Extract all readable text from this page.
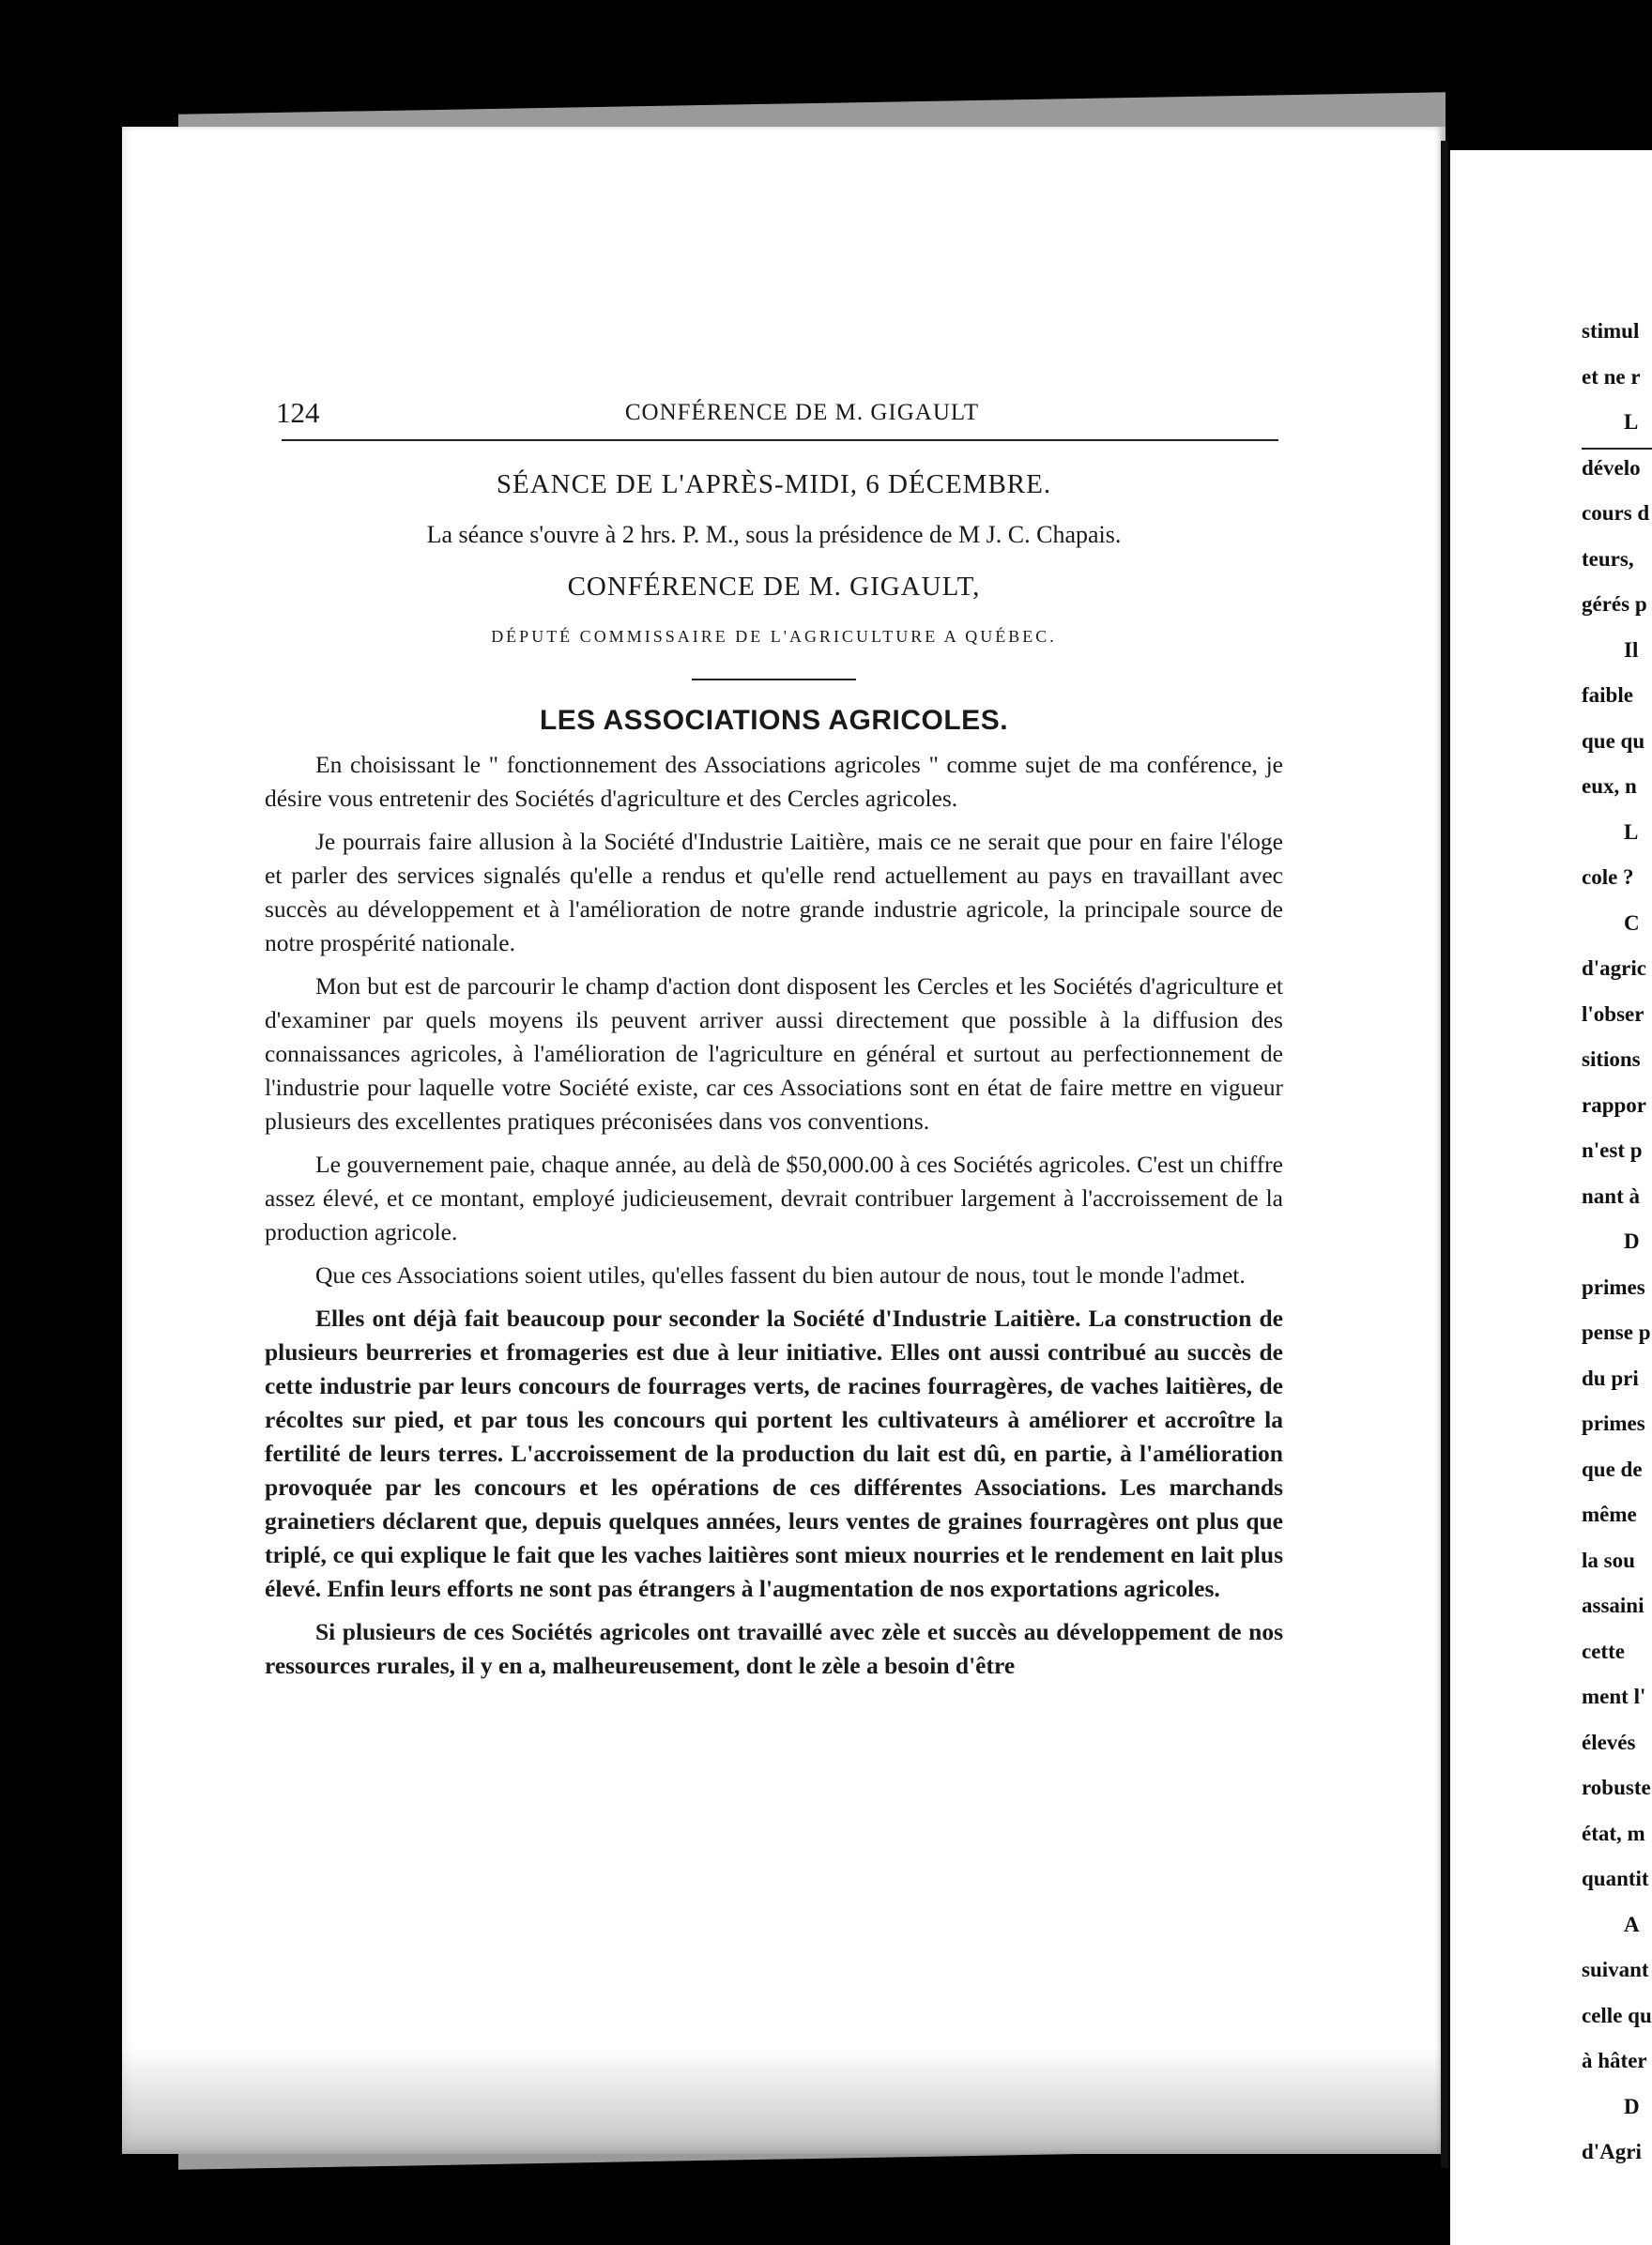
stimul
et ne r
L
dévelo
cours d
teurs,
gérés p
Il
faible
que qu
eux, n
L
cole ?
C
d'agric
l'obser
sitions
rappor
n'est p
nant à
D
primes
pense p
du pri
primes
que de
même
la sou
assaini
cette
ment l'
élevés
robuste
état, m
quantit
A
suivant
celle qu
à hâter
D
d'Agri
124	CONFÉRENCE DE M. GIGAULT
SÉANCE DE L'APRÈS-MIDI, 6 DÉCEMBRE.
La séance s'ouvre à 2 hrs. P. M., sous la présidence de M J. C. Chapais.
CONFÉRENCE DE M. GIGAULT,
DÉPUTÉ COMMISSAIRE DE L'AGRICULTURE A QUÉBEC.
LES ASSOCIATIONS AGRICOLES.

En choisissant le " fonctionnement des Associations agricoles " comme sujet de ma conférence, je désire vous entretenir des Sociétés d'agriculture et des Cercles agricoles.

Je pourrais faire allusion à la Société d'Industrie Laitière, mais ce ne serait que pour en faire l'éloge et parler des services signalés qu'elle a rendus et qu'elle rend actuellement au pays en travaillant avec succès au développement et à l'amélioration de notre grande industrie agricole, la principale source de notre prospérité nationale.

Mon but est de parcourir le champ d'action dont disposent les Cercles et les Sociétés d'agriculture et d'examiner par quels moyens ils peuvent arriver aussi directement que possible à la diffusion des connaissances agricoles, à l'amélioration de l'agriculture en général et surtout au perfectionnement de l'industrie pour laquelle votre Société existe, car ces Associations sont en état de faire mettre en vigueur plusieurs des excellentes pratiques préconisées dans vos conventions.

Le gouvernement paie, chaque année, au delà de $50,000.00 à ces Sociétés agricoles. C'est un chiffre assez élevé, et ce montant, employé judicieusement, devrait contribuer largement à l'accroissement de la production agricole.

Que ces Associations soient utiles, qu'elles fassent du bien autour de nous, tout le monde l'admet.

Elles ont déjà fait beaucoup pour seconder la Société d'Industrie Laitière. La construction de plusieurs beurreries et fromageries est due à leur initiative. Elles ont aussi contribué au succès de cette industrie par leurs concours de fourrages verts, de racines fourragères, de vaches laitières, de récoltes sur pied, et par tous les concours qui portent les cultivateurs à améliorer et accroître la fertilité de leurs terres. L'accroissement de la production du lait est dû, en partie, à l'amélioration provoquée par les concours et les opérations de ces différentes Associations. Les marchands grainetiers déclarent que, depuis quelques années, leurs ventes de graines fourragères ont plus que triplé, ce qui explique le fait que les vaches laitières sont mieux nourries et le rendement en lait plus élevé. Enfin leurs efforts ne sont pas étrangers à l'augmentation de nos exportations agricoles.

Si plusieurs de ces Sociétés agricoles ont travaillé avec zèle et succès au développement de nos ressources rurales, il y en a, malheureusement, dont le zèle a besoin d'être
